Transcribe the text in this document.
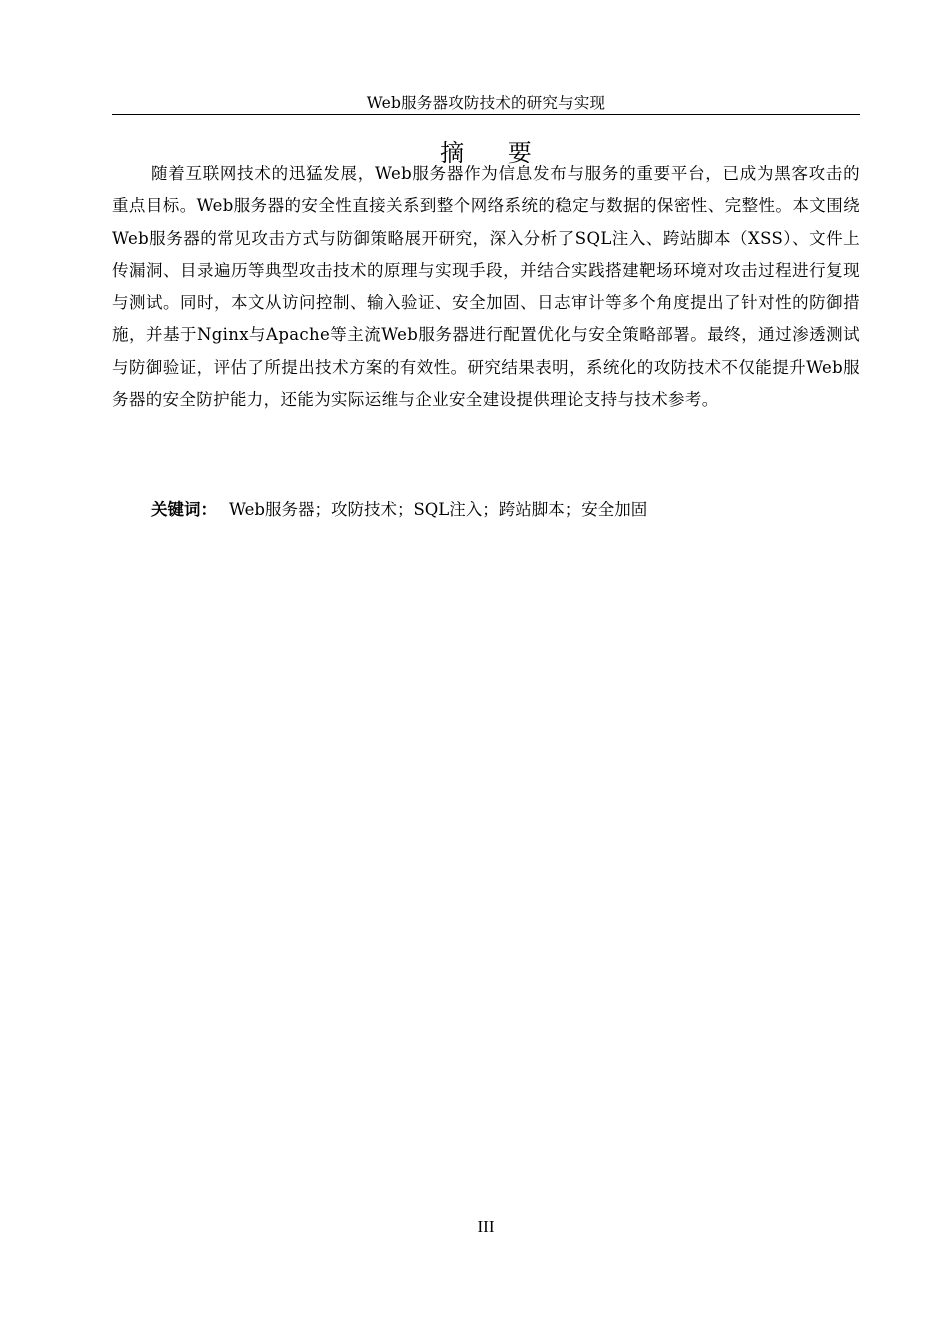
Web服务器攻防技术的研究与实现
摘 要
随着互联网技术的迅猛发展，Web服务器作为信息发布与服务的重要平台，已成为黑客攻击的重点目标。Web服务器的安全性直接关系到整个网络系统的稳定与数据的保密性、完整性。本文围绕Web服务器的常见攻击方式与防御策略展开研究，深入分析了SQL注入、跨站脚本（XSS）、文件上传漏洞、目录遍历等典型攻击技术的原理与实现手段，并结合实践搭建靶场环境对攻击过程进行复现与测试。同时，本文从访问控制、输入验证、安全加固、日志审计等多个角度提出了针对性的防御措施，并基于Nginx与Apache等主流Web服务器进行配置优化与安全策略部署。最终，通过渗透测试与防御验证，评估了所提出技术方案的有效性。研究结果表明，系统化的攻防技术不仅能提升Web服务器的安全防护能力，还能为实际运维与企业安全建设提供理论支持与技术参考。
关键词： Web服务器；攻防技术；SQL注入；跨站脚本；安全加固
III
